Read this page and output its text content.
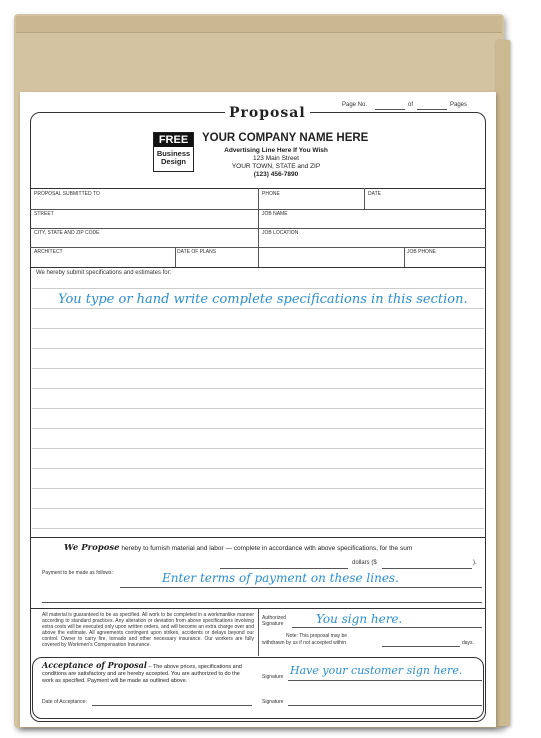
Proposal	Page No.	of	Pages
FREE
Business
Design
YOUR COMPANY NAME HERE
Advertising Line Here If You Wish
123 Main Street
YOUR TOWN, STATE and ZIP
(123) 456-7890
PROPOSAL SUBMITTED TO	PHONE	DATE
STREET	JOB NAME
CITY, STATE AND ZIP CODE	JOB LOCATION
ARCHITECT	DATE OF PLANS	JOB PHONE
We hereby submit specifications and estimates for:
You type or hand write complete specifications in this section.
We Propose hereby to furnish material and labor — complete in accordance with above specifications, for the sum
dollars ($	).
Payment to be made as follows:	Enter terms of payment on these lines.
All material is guaranteed to be as specified. All work to be completed in a workmanlike manner according to standard practices. Any alteration or deviation from above specifications involving extra costs will be executed only upon written orders, and will become an extra charge over and above the estimate. All agreements contingent upon strikes, accidents or delays beyond our control. Owner to carry fire, tornado and other necessary insurance. Our workers are fully covered by Workmen's Compensation Insurance.
Authorized
Signature	You sign here.
Note: This proposal may be
withdrawn by us if not accepted within	days.
Acceptance of Proposal – The above prices, specifications and conditions are satisfactory and are hereby accepted. You are authorized to do the work as specified. Payment will be made as outlined above.
Signature Have your customer sign here.
Date of Acceptance:	Signature
